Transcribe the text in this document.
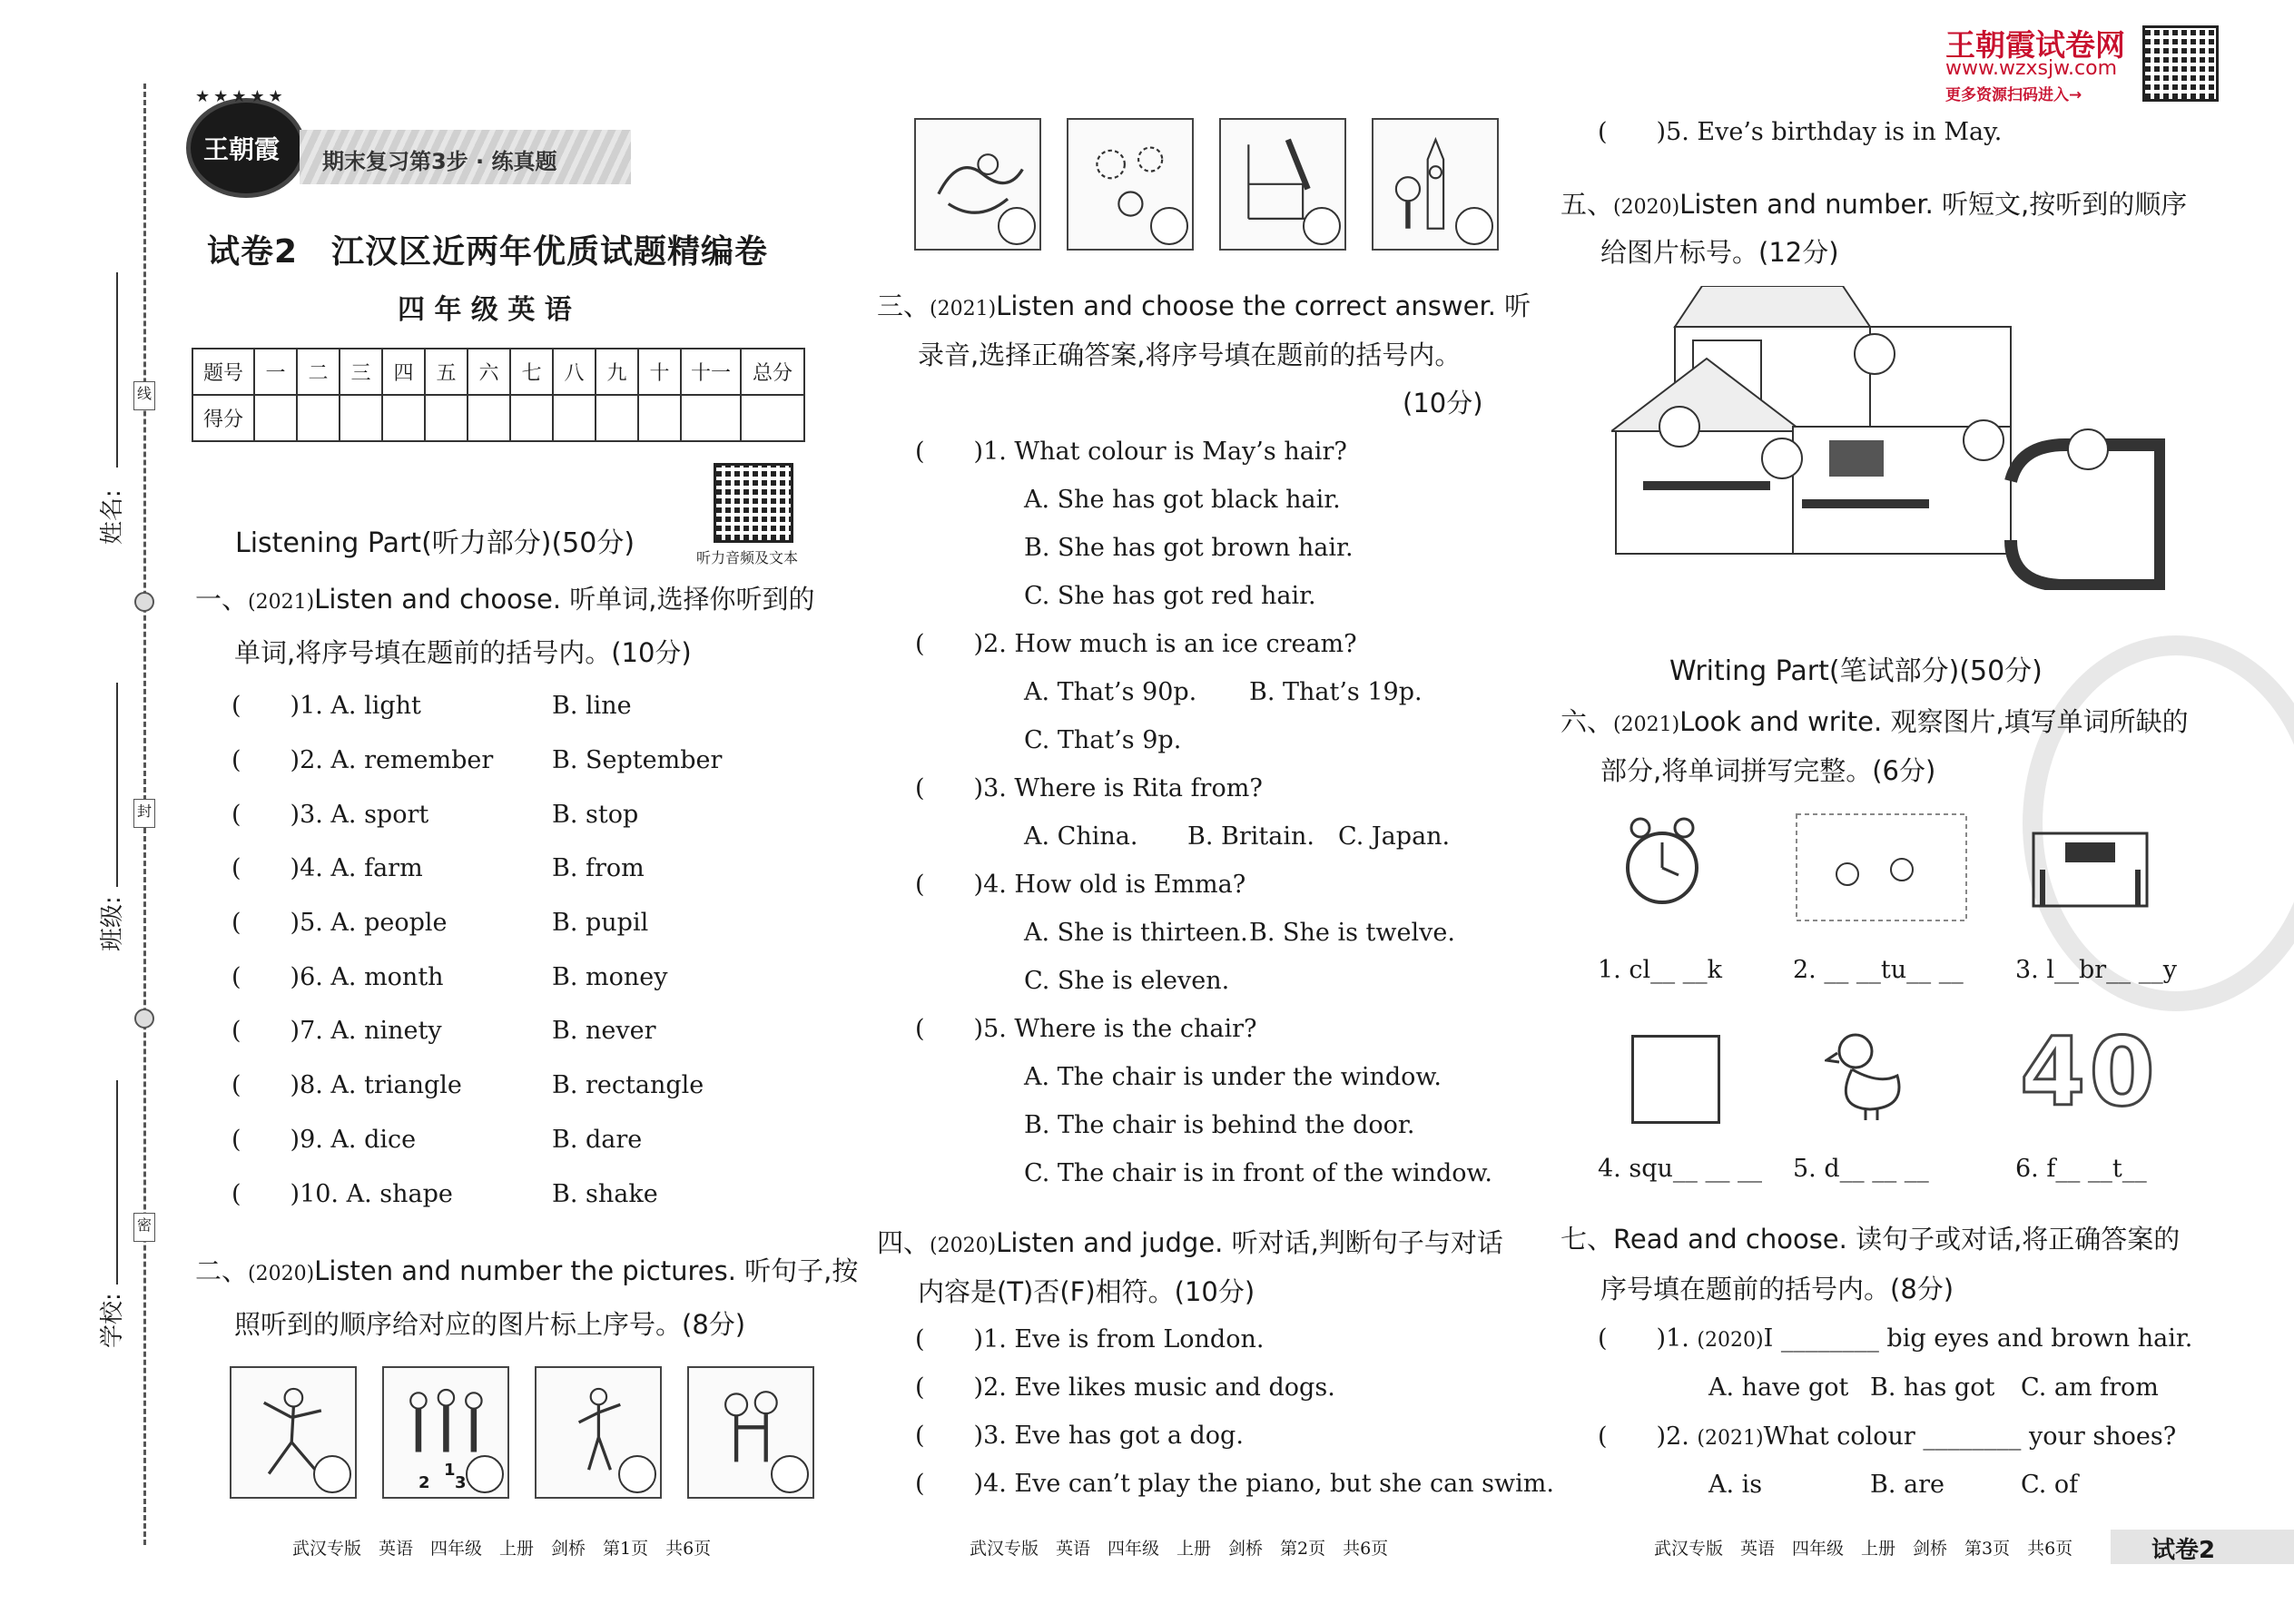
线
封
密
姓名:
班级:
学校:
王朝霞
★★★★★
期末复习第3步 · 练真题
试卷2　江汉区近两年优质试题精编卷
四 年 级 英 语
题号	一	二	三	四	五	六	七	八	九	十	十一	总分
得分												
听力音频及文本
Listening Part(听力部分)(50分)
一、(2021)Listen and choose. 听单词,选择你听到的
单词,将序号填在题前的括号内。(10分)
(　　)1. A. light	B. line
(　　)2. A. remember B. September
(　　)3. A. sport	B. stop
(　　)4. A. farm	B. from
(　　)5. A. people	B. pupil
(　　)6. A. month	B. money
(　　)7. A. ninety	B. never
(　　)8. A. triangle	B. rectangle
(　　)9. A. dice	B. dare
(　　)10. A. shape	B. shake
二、(2020)Listen and number the pictures. 听句子,按
照听到的顺序给对应的图片标上序号。(8分)
1
2 3
武汉专版　英语　四年级　上册　剑桥　第1页　共6页
三、(2021)Listen and choose the correct answer. 听
录音,选择正确答案,将序号填在题前的括号内。
(10分)
(　　)1. What colour is May’s hair?
A. She has got black hair.
B. She has got brown hair.
C. She has got red hair.
(　　)2. How much is an ice cream?
A. That’s 90p. B. That’s 19p.
C. That’s 9p.
(　　)3. Where is Rita from?
A. China. B. Britain. C. Japan.
(　　)4. How old is Emma?
A. She is thirteen. B. She is twelve.
C. She is eleven.
(　　)5. Where is the chair?
A. The chair is under the window.
B. The chair is behind the door.
C. The chair is in front of the window.
四、(2020)Listen and judge. 听对话,判断句子与对话
内容是(T)否(F)相符。(10分)
(　　)1. Eve is from London.
(　　)2. Eve likes music and dogs.
(　　)3. Eve has got a dog.
(　　)4. Eve can’t play the piano, but she can swim.
武汉专版　英语　四年级　上册　剑桥　第2页　共6页
王朝霞试卷网
www.wzxsjw.com
更多资源扫码进入→
(　　)5. Eve’s birthday is in May.
五、(2020)Listen and number. 听短文,按听到的顺序
给图片标号。(12分)
Writing Part(笔试部分)(50分)
六、(2021)Look and write. 观察图片,填写单词所缺的
部分,将单词拼写完整。(6分)
1. cl__ __k	2. __ __tu__ __ 3. l__br__ __y
40
4. squ__ __ __ 5. d__ __ __	6. f__ __t__
七、Read and choose. 读句子或对话,将正确答案的
序号填在题前的括号内。(8分)
(　　)1. (2020)I ________ big eyes and brown hair.
A. have got B. has got C. am from
(　　)2. (2021)What colour ________ your shoes?
A. is	B. are	C. of
武汉专版　英语　四年级　上册　剑桥　第3页　共6页	试卷2
